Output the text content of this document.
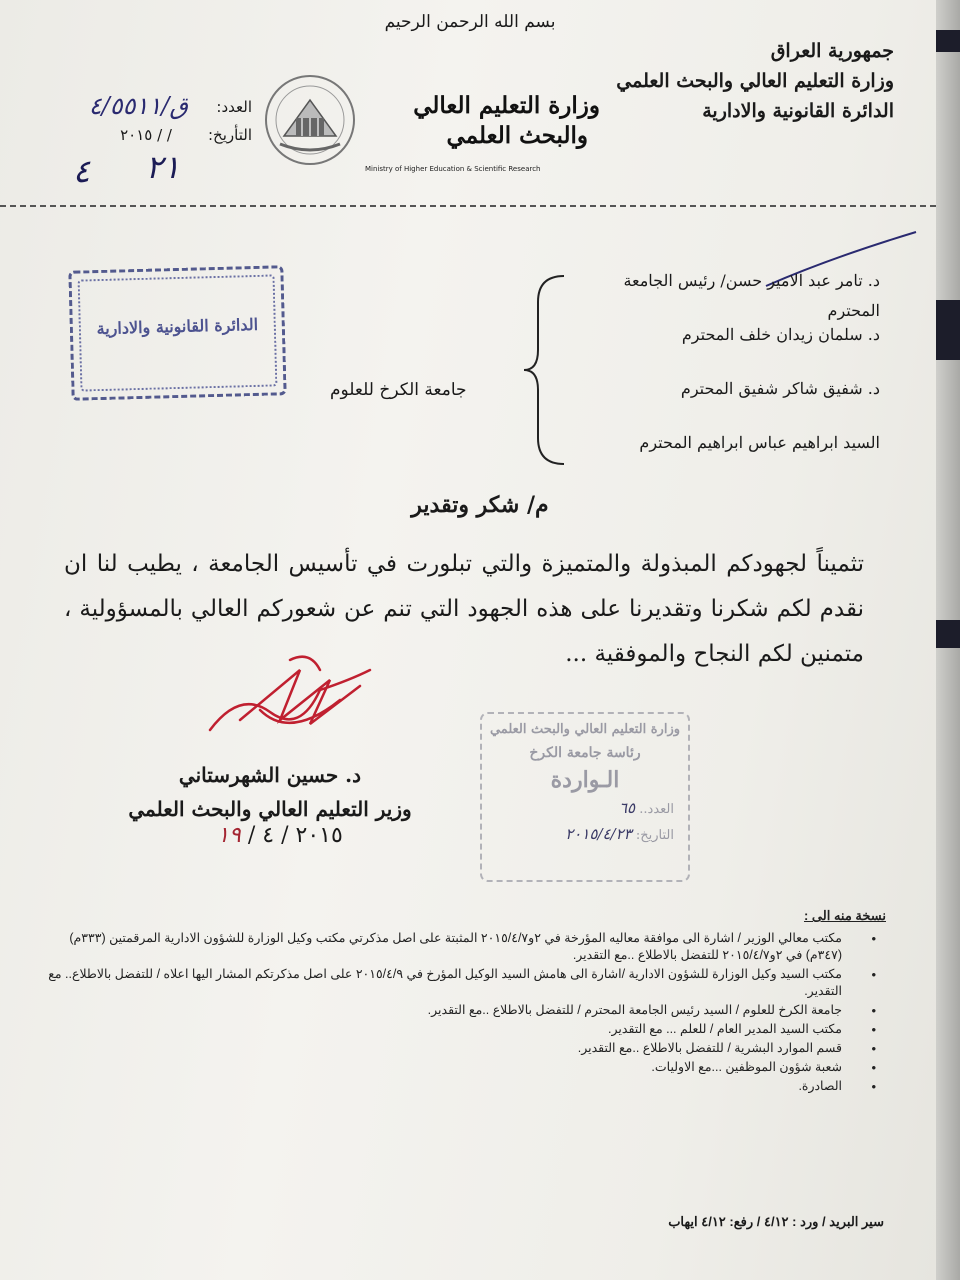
بسم الله الرحمن الرحيم
جمهورية العراق
وزارة التعليم العالي والبحث العلمي
الدائرة القانونية والادارية
وزارة التعليم العالي
والبحث العلمي
Ministry of Higher Education & Scientific Research
العدد:
ق/٤/٥٥١١
التأريخ:
/ / ٢٠١٥
٢١
٤
الدائرة القانونية والادارية
د. تامر عبد الامير حسن/ رئيس الجامعة المحترم
د. سلمان زيدان خلف المحترم
د. شفيق شاكر شفيق المحترم
السيد ابراهيم عباس ابراهيم المحترم
جامعة الكرخ للعلوم
م/ شكر وتقدير
تثميناً لجهودكم المبذولة والمتميزة والتي تبلورت في تأسيس الجامعة ، يطيب لنا ان نقدم لكم شكرنا وتقديرنا على هذه الجهود التي تنم عن شعوركم العالي بالمسؤولية ، متمنين لكم النجاح والموفقية ...
د. حسين الشهرستاني
وزير التعليم العالي والبحث العلمي
٢٠١٥ / ٤ / ١٩
وزارة التعليم العالي والبحث العلمي
رئاسة جامعة الكرخ
الـواردة
العدد.. ٦٥
التاريخ: ٢٠١٥/٤/٢٣
نسخة منه الى :
• مكتب معالي الوزير / اشارة الى موافقة معاليه المؤرخة في ٢و٢٠١٥/٤/٧ المثبتة على اصل مذكرتي مكتب وكيل الوزارة للشؤون الادارية المرقمتين (٣٣٣م)(٣٤٧م) في ٢و٢٠١٥/٤/٧ للتفضل بالاطلاع ..مع التقدير.
• مكتب السيد وكيل الوزارة للشؤون الادارية /اشارة الى هامش السيد الوكيل المؤرخ في ٢٠١٥/٤/٩ على اصل مذكرتكم المشار اليها اعلاه / للتفضل بالاطلاع.. مع التقدير.
• جامعة الكرخ للعلوم / السيد رئيس الجامعة المحترم / للتفضل بالاطلاع ..مع التقدير.
• مكتب السيد المدير العام / للعلم ... مع التقدير.
• قسم الموارد البشرية / للتفضل بالاطلاع ..مع التقدير.
• شعبة شؤون الموظفين ...مع الاوليات.
• الصادرة.
سير البريد / ورد : ٤/١٢ / رفع: ٤/١٢ ايهاب
